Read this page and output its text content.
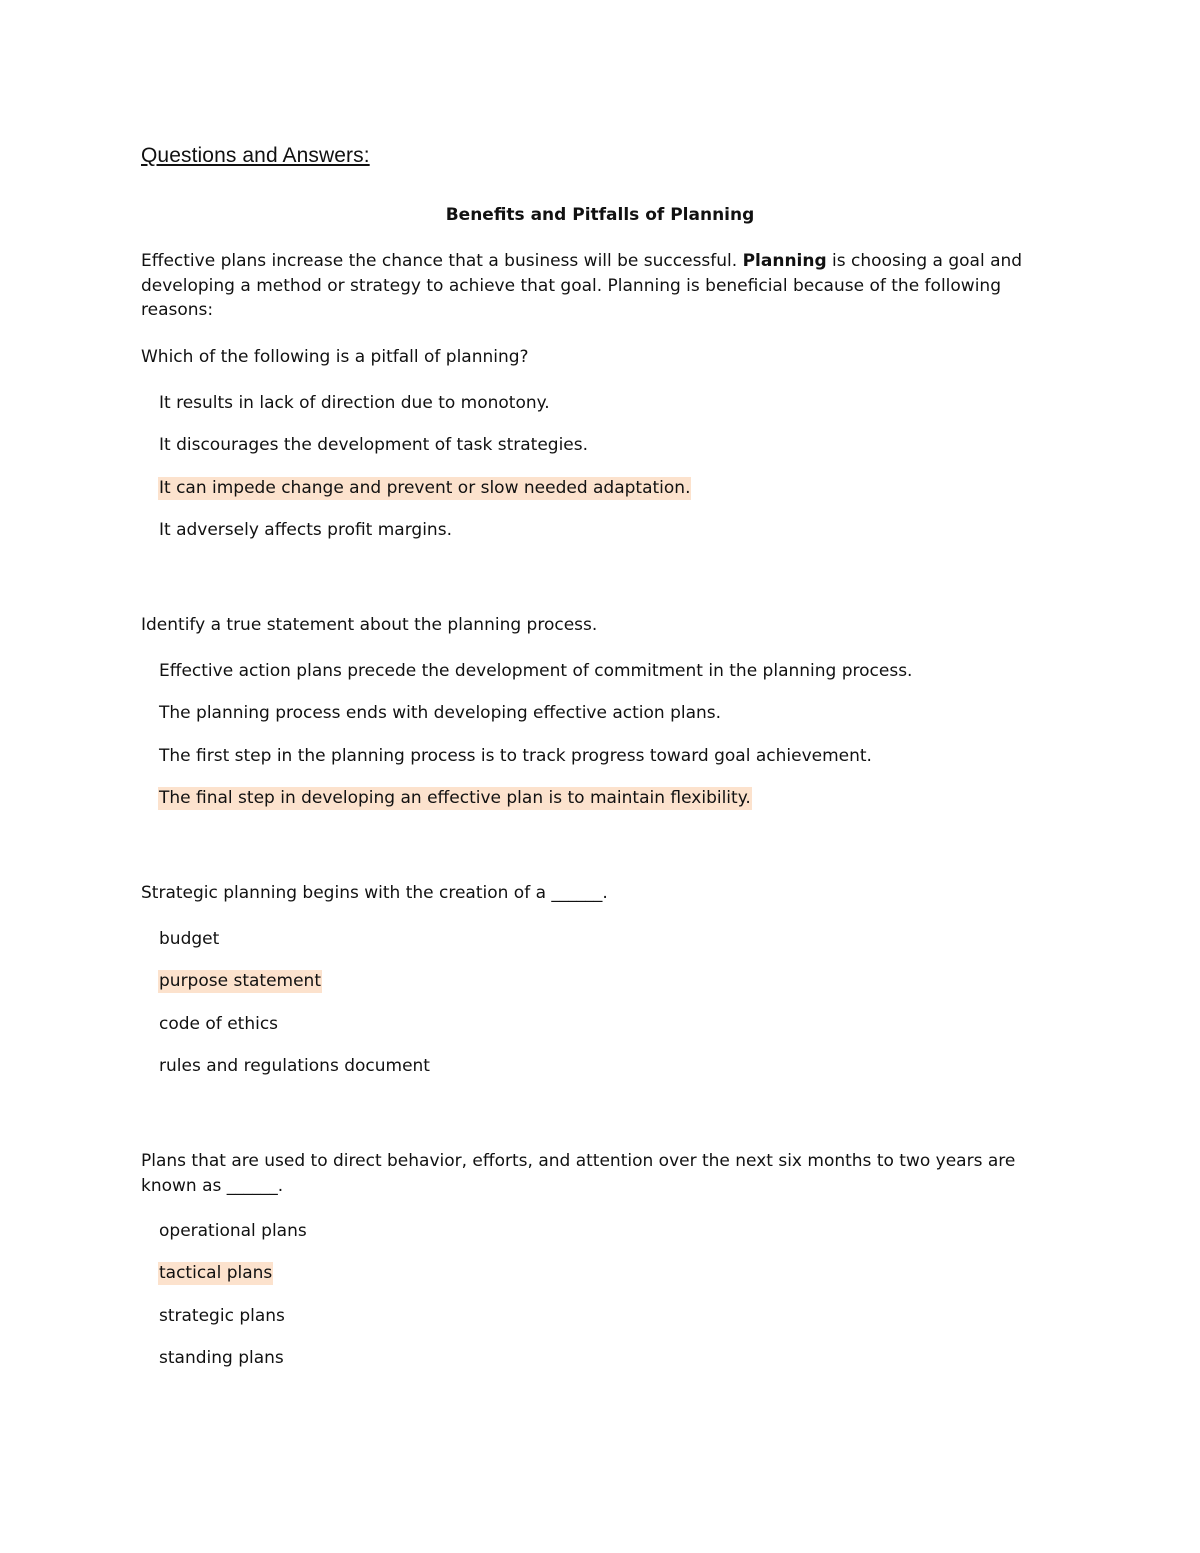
Questions and Answers:
Benefits and Pitfalls of Planning

Effective plans increase the chance that a business will be successful. Planning is choosing a goal and developing a method or strategy to achieve that goal. Planning is beneficial because of the following reasons:

Which of the following is a pitfall of planning?

It results in lack of direction due to monotony.
It discourages the development of task strategies.
It can impede change and prevent or slow needed adaptation.
It adversely affects profit margins.

Identify a true statement about the planning process.

Effective action plans precede the development of commitment in the planning process.
The planning process ends with developing effective action plans.
The first step in the planning process is to track progress toward goal achievement.
The final step in developing an effective plan is to maintain flexibility.

Strategic planning begins with the creation of a ______.

budget
purpose statement
code of ethics
rules and regulations document

Plans that are used to direct behavior, efforts, and attention over the next six months to two years are known as ______.

operational plans
tactical plans
strategic plans
standing plans
